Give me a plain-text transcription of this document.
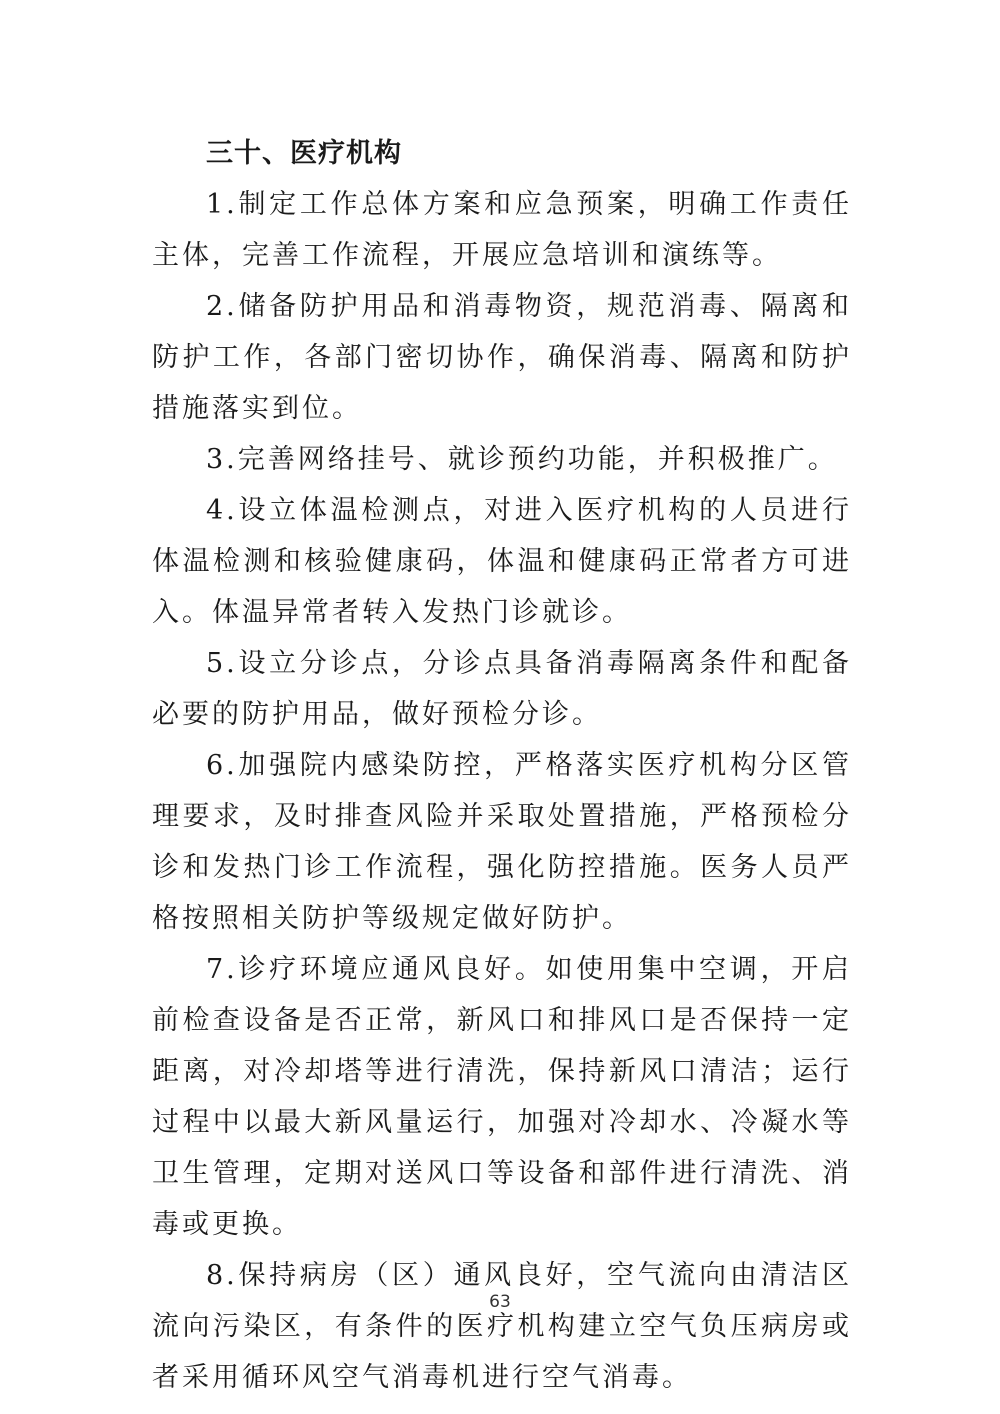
三十、医疗机构

1.制定工作总体方案和应急预案，明确工作责任主体，完善工作流程，开展应急培训和演练等。

2.储备防护用品和消毒物资，规范消毒、隔离和防护工作，各部门密切协作，确保消毒、隔离和防护措施落实到位。

3.完善网络挂号、就诊预约功能，并积极推广。

4.设立体温检测点，对进入医疗机构的人员进行体温检测和核验健康码，体温和健康码正常者方可进入。体温异常者转入发热门诊就诊。

5.设立分诊点，分诊点具备消毒隔离条件和配备必要的防护用品，做好预检分诊。

6.加强院内感染防控，严格落实医疗机构分区管理要求，及时排查风险并采取处置措施，严格预检分诊和发热门诊工作流程，强化防控措施。医务人员严格按照相关防护等级规定做好防护。

7.诊疗环境应通风良好。如使用集中空调，开启前检查设备是否正常，新风口和排风口是否保持一定距离，对冷却塔等进行清洗，保持新风口清洁；运行过程中以最大新风量运行，加强对冷却水、冷凝水等卫生管理，定期对送风口等设备和部件进行清洗、消毒或更换。

8.保持病房（区）通风良好，空气流向由清洁区流向污染区，有条件的医疗机构建立空气负压病房或者采用循环风空气消毒机进行空气消毒。

63
